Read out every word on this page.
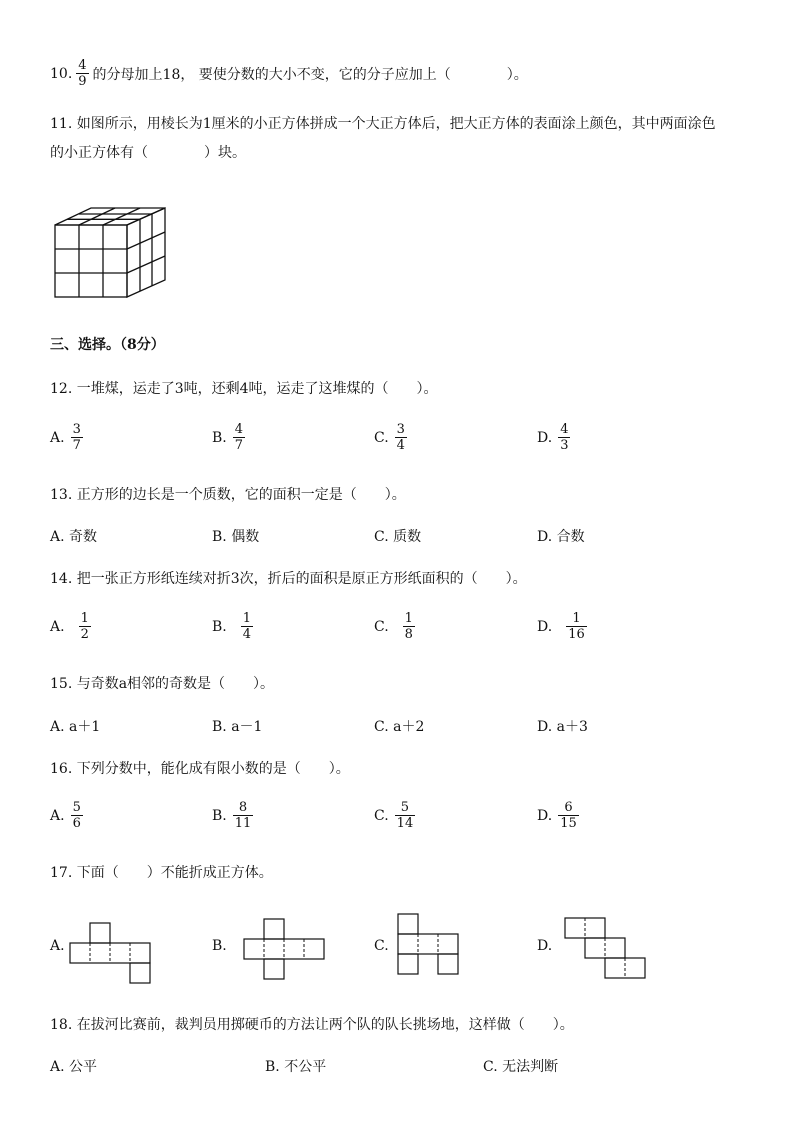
10. $\frac{4}{9}$ 的分母加上18， 要使分数的大小不变，它的分子应加上（　　　　）。
11. 如图所示，用棱长为1厘米的小正方体拼成一个大正方体后，把大正方体的表面涂上颜色，其中两面涂色
的小正方体有（　　　　）块。
三、选择。（8分）
12. 一堆煤，运走了3吨，还剩4吨，运走了这堆煤的（　　）。
A. $\frac{3}{7}$	B. $\frac{4}{7}$	C. $\frac{3}{4}$	D. $\frac{4}{3}$
13. 正方形的边长是一个质数，它的面积一定是（　　）。
A. 奇数	B. 偶数	C. 质数	D. 合数
14. 把一张正方形纸连续对折3次，折后的面积是原正方形纸面积的（　　）。
A. $\frac{1}{2}$	B. $\frac{1}{4}$	C. $\frac{1}{8}$	D. $\frac{1}{16}$
15. 与奇数a相邻的奇数是（　　）。
A. a＋1	B. a－1	C. a＋2	D. a＋3
16. 下列分数中，能化成有限小数的是（　　）。
A. $\frac{5}{6}$	B. $\frac{8}{11}$	C. $\frac{5}{14}$	D. $\frac{6}{15}$
17. 下面（　　）不能折成正方体。
A.	B.	C.	D.
18. 在拔河比赛前，裁判员用掷硬币的方法让两个队的队长挑场地，这样做（　　）。
A. 公平	B. 不公平	C. 无法判断
